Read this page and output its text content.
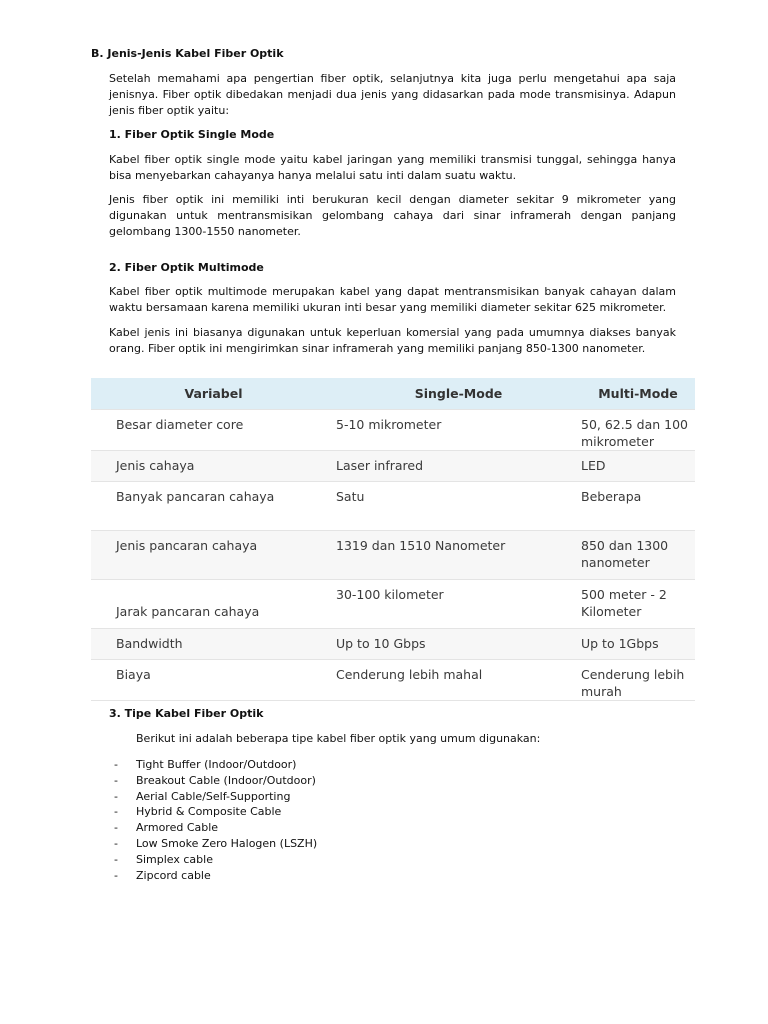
B. Jenis-Jenis Kabel Fiber Optik
Setelah memahami apa pengertian fiber optik, selanjutnya kita juga perlu mengetahui apa saja jenisnya. Fiber optik dibedakan menjadi dua jenis yang didasarkan pada mode transmisinya. Adapun jenis fiber optik yaitu:
1. Fiber Optik Single Mode
Kabel fiber optik single mode yaitu kabel jaringan yang memiliki transmisi tunggal, sehingga hanya bisa menyebarkan cahayanya hanya melalui satu inti dalam suatu waktu.
Jenis fiber optik ini memiliki inti berukuran kecil dengan diameter sekitar 9 mikrometer yang digunakan untuk mentransmisikan gelombang cahaya dari sinar inframerah dengan panjang gelombang 1300-1550 nanometer.
2. Fiber Optik Multimode
Kabel fiber optik multimode merupakan kabel yang dapat mentransmisikan banyak cahayan dalam waktu bersamaan karena memiliki ukuran inti besar yang memiliki diameter sekitar 625 mikrometer.
Kabel jenis ini biasanya digunakan untuk keperluan komersial yang pada umumnya diakses banyak orang. Fiber optik ini mengirimkan sinar inframerah yang memiliki panjang 850-1300 nanometer.
Variabel	Single-Mode	Multi-Mode
Besar diameter core	5-10 mikrometer	50, 62.5 dan 100 mikrometer
Jenis cahaya	Laser infrared	LED
Banyak pancaran cahaya	Satu	Beberapa
Jenis pancaran cahaya	1319 dan 1510 Nanometer	850 dan 1300 nanometer
Jarak pancaran cahaya	30-100 kilometer	500 meter - 2 Kilometer
Bandwidth	Up to 10 Gbps	Up to 1Gbps
Biaya	Cenderung lebih mahal	Cenderung lebih murah
3. Tipe Kabel Fiber Optik
Berikut ini adalah beberapa tipe kabel fiber optik yang umum digunakan:
- Tight Buffer (Indoor/Outdoor)
- Breakout Cable (Indoor/Outdoor)
- Aerial Cable/Self-Supporting
- Hybrid & Composite Cable
- Armored Cable
- Low Smoke Zero Halogen (LSZH)
- Simplex cable
- Zipcord cable
